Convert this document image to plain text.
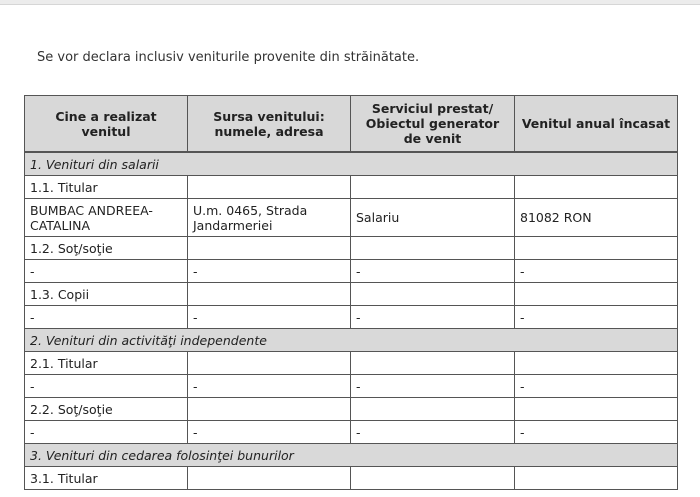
Se vor declara inclusiv veniturile provenite din străinătate.
Cine a realizat venitul	Sursa venitului: numele, adresa	Serviciul prestat/ Obiectul generator de venit	Venitul anual încasat
1. Venituri din salarii			
1.1. Titular			
BUMBAC ANDREEA-CATALINA	U.m. 0465, Strada Jandarmeriei	Salariu	81082 RON
1.2. Soţ/soţie			
-	-	-	-
1.3. Copii			
-	-	-	-
2. Venituri din activităţi independente			
2.1. Titular			
-	-	-	-
2.2. Soţ/soţie			
-	-	-	-
3. Venituri din cedarea folosinţei bunurilor			
3.1. Titular			
